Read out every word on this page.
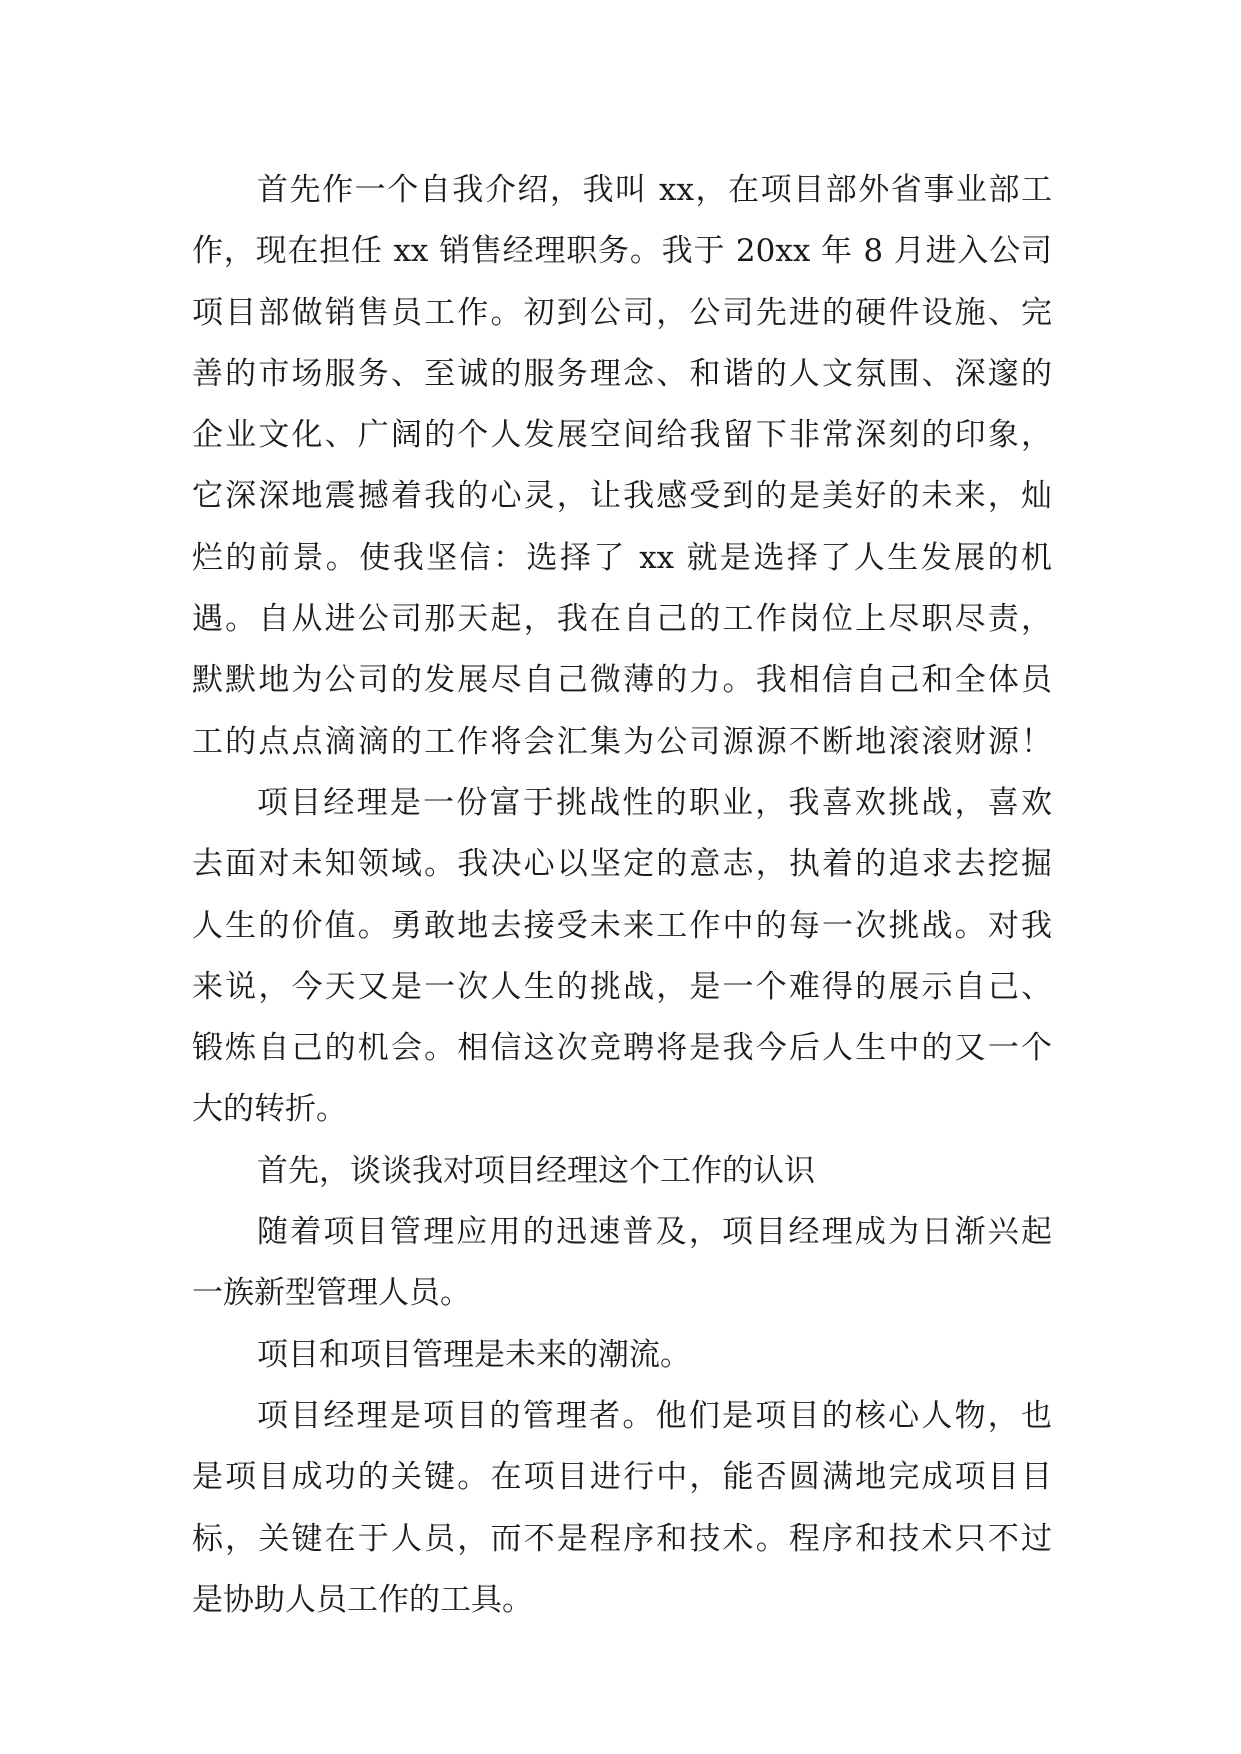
首先作一个自我介绍，我叫 xx，在项目部外省事业部工
作，现在担任 xx 销售经理职务。我于 20xx 年 8 月进入公司
项目部做销售员工作。初到公司，公司先进的硬件设施、完
善的市场服务、至诚的服务理念、和谐的人文氛围、深邃的
企业文化、广阔的个人发展空间给我留下非常深刻的印象，
它深深地震撼着我的心灵，让我感受到的是美好的未来，灿
烂的前景。使我坚信：选择了 xx 就是选择了人生发展的机
遇。自从进公司那天起，我在自己的工作岗位上尽职尽责，
默默地为公司的发展尽自己微薄的力。我相信自己和全体员
工的点点滴滴的工作将会汇集为公司源源不断地滚滚财源！
项目经理是一份富于挑战性的职业，我喜欢挑战，喜欢
去面对未知领域。我决心以坚定的意志，执着的追求去挖掘
人生的价值。勇敢地去接受未来工作中的每一次挑战。对我
来说，今天又是一次人生的挑战，是一个难得的展示自己、
锻炼自己的机会。相信这次竞聘将是我今后人生中的又一个
大的转折。
首先，谈谈我对项目经理这个工作的认识
随着项目管理应用的迅速普及，项目经理成为日渐兴起
一族新型管理人员。
项目和项目管理是未来的潮流。
项目经理是项目的管理者。他们是项目的核心人物，也
是项目成功的关键。在项目进行中，能否圆满地完成项目目
标，关键在于人员，而不是程序和技术。程序和技术只不过
是协助人员工作的工具。
